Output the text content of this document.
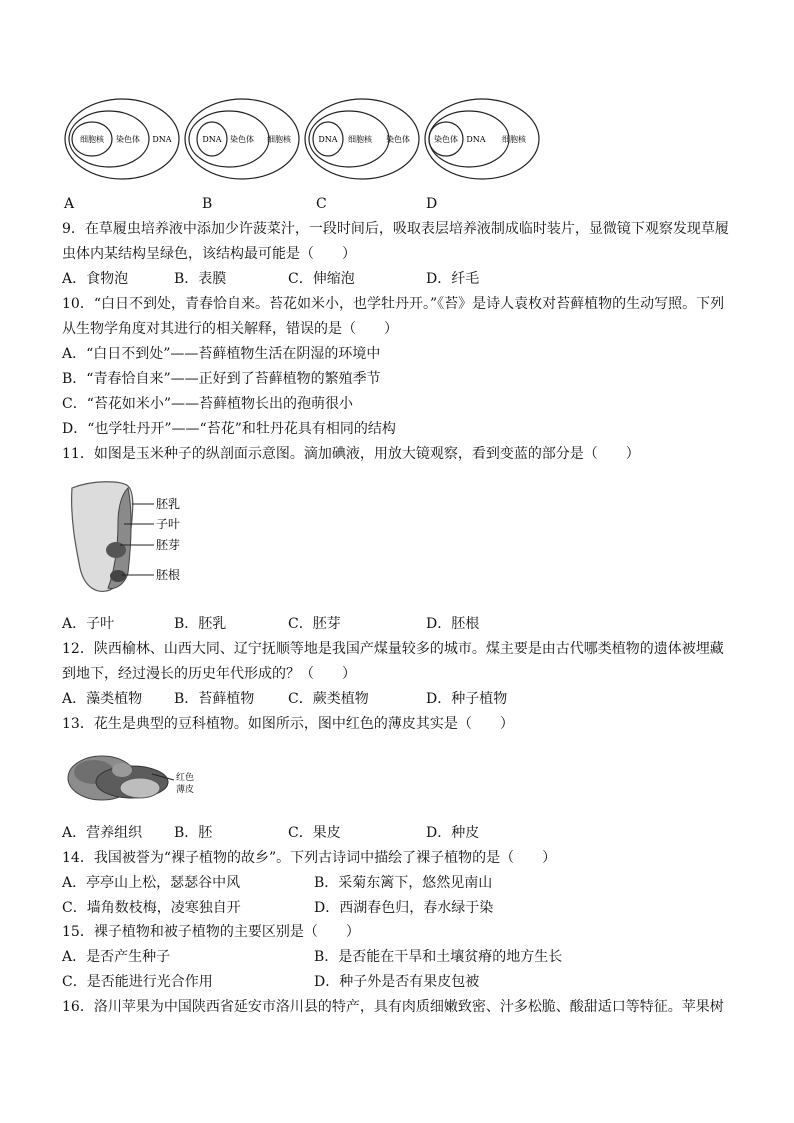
细胞核 染色体 DNA	DNA 染色体 细胞核	DNA 细胞核 染色体	染色体 DNA 细胞核
A	B	C	D
9．在草履虫培养液中添加少许菠菜汁，一段时间后，吸取表层培养液制成临时装片，显微镜下观察发现草履
虫体内某结构呈绿色，该结构最可能是（　　）
A．食物泡	B．表膜	C．伸缩泡	D．纤毛
10．“白日不到处，青春恰自来。苔花如米小，也学牡丹开。”《苔》是诗人袁枚对苔藓植物的生动写照。下列
从生物学角度对其进行的相关解释，错误的是（　　）
A．“白日不到处”——苔藓植物生活在阴湿的环境中
B．“青春恰自来”——正好到了苔藓植物的繁殖季节
C．“苔花如米小”——苔藓植物长出的孢萌很小
D．“也学牡丹开”——“苔花”和牡丹花具有相同的结构
11．如图是玉米种子的纵剖面示意图。滴加碘液，用放大镜观察，看到变蓝的部分是（　　）
胚乳
子叶
胚芽
胚根
A．子叶	B．胚乳	C．胚芽	D．胚根
12．陕西榆林、山西大同、辽宁抚顺等地是我国产煤量较多的城市。煤主要是由古代哪类植物的遗体被埋藏
到地下，经过漫长的历史年代形成的？（　　）
A．藻类植物 B．苔藓植物 C．蕨类植物	D．种子植物
13．花生是典型的豆科植物。如图所示，图中红色的薄皮其实是（　　）
红色
薄皮
A．营养组织 B．胚	C．果皮	D．种皮
14．我国被誉为“裸子植物的故乡”。下列古诗词中描绘了裸子植物的是（　　）
A．亭亭山上松，瑟瑟谷中风	B．采菊东篱下，悠然见南山
C．墙角数枝梅，凌寒独自开	D．西湖春色归，春水绿于染
15．裸子植物和被子植物的主要区别是（　　）
A．是否产生种子	B．是否能在干旱和土壤贫瘠的地方生长
C．是否能进行光合作用	D．种子外是否有果皮包被
16．洛川苹果为中国陕西省延安市洛川县的特产，具有肉质细嫩致密、汁多松脆、酸甜适口等特征。苹果树
